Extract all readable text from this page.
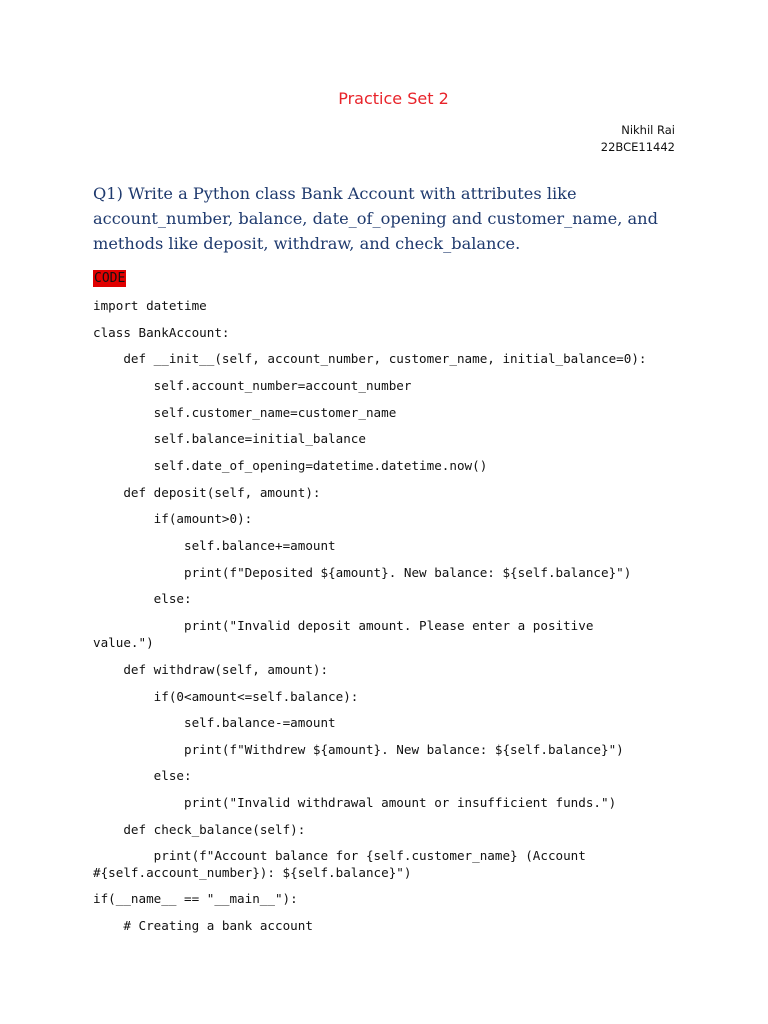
Practice Set 2
Nikhil Rai
22BCE11442
Q1) Write a Python class Bank Account with attributes like account_number, balance, date_of_opening and customer_name, and methods like deposit, withdraw, and check_balance.
CODE
import datetime
class BankAccount:
def __init__(self, account_number, customer_name, initial_balance=0):
self.account_number=account_number
self.customer_name=customer_name
self.balance=initial_balance
self.date_of_opening=datetime.datetime.now()
def deposit(self, amount):
if(amount>0):
self.balance+=amount
print(f"Deposited ${amount}. New balance: ${self.balance}")
else:
print("Invalid deposit amount. Please enter a positive
value.")
def withdraw(self, amount):
if(0<amount<=self.balance):
self.balance-=amount
print(f"Withdrew ${amount}. New balance: ${self.balance}")
else:
print("Invalid withdrawal amount or insufficient funds.")
def check_balance(self):
print(f"Account balance for {self.customer_name} (Account
#{self.account_number}): ${self.balance}")
if(__name__ == "__main__"):
# Creating a bank account
